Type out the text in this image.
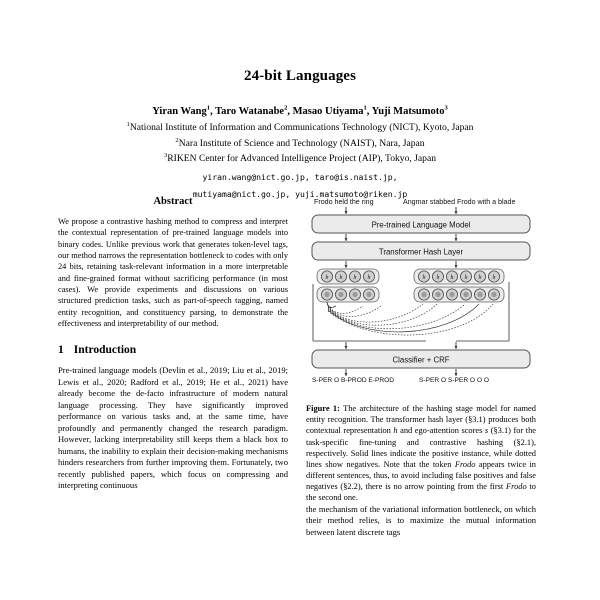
24-bit Languages
Yiran Wang$^1$, Taro Watanabe$^2$, Masao Utiyama$^1$, Yuji Matsumoto$^3$
$^1$National Institute of Information and Communications Technology (NICT), Kyoto, Japan
$^2$Nara Institute of Science and Technology (NAIST), Nara, Japan
$^3$RIKEN Center for Advanced Intelligence Project (AIP), Tokyo, Japan
yiran.wang@nict.go.jp, taro@is.naist.jp,
mutiyama@nict.go.jp, yuji.matsumoto@riken.jp
Abstract

We propose a contrastive hashing method to compress and interpret the contextual representation of pre-trained language models into binary codes. Unlike previous work that generates token-level tags, our method narrows the representation bottleneck to codes with only 24 bits, retaining task-relevant information in a more interpretable and fine-grained format without sacrificing performance (in most cases). We provide experiments and discussions on various structured prediction tasks, such as part-of-speech tagging, named entity recognition, and constituency parsing, to demonstrate the effectiveness and interpretability of our method.

1 Introduction

Pre-trained language models (Devlin et al., 2019; Liu et al., 2019; Lewis et al., 2020; Radford et al., 2019; He et al., 2021) have already become the de-facto infrastructure of modern natural language processing. They have significantly improved performance on various tasks and, at the same time, have profoundly and permanently changed the research paradigm. However, lacking interpretability still keeps them a black box to humans, the inability to explain their decision-making mechanisms hinders researchers from further improving them. Fortunately, two recently published papers, which focus on compressing and interpreting continuous

Frodo held the ring	Angmar stabbed Frodo with a blade
Pre-trained Language Model
Transformer Hash Layer
h h h h	h h h h h h
Classifier + CRF
S-PER O B-PROD E-PROD	S-PER O S-PER O O O

Figure 1: The architecture of the hashing stage model for named entity recognition. The transformer hash layer (§3.1) produces both contextual representation h and ego-attention scores s (§3.1) for the task-specific fine-tuning and contrastive hashing (§2.1), respectively. Solid lines indicate the positive instance, while dotted lines show negatives. Note that the token Frodo appears twice in different sentences, thus, to avoid including false positives and false negatives (§2.2), there is no arrow pointing from the first Frodo to the second one.

the mechanism of the variational information bottleneck, on which their method relies, is to maximize the mutual information between latent discrete tags
